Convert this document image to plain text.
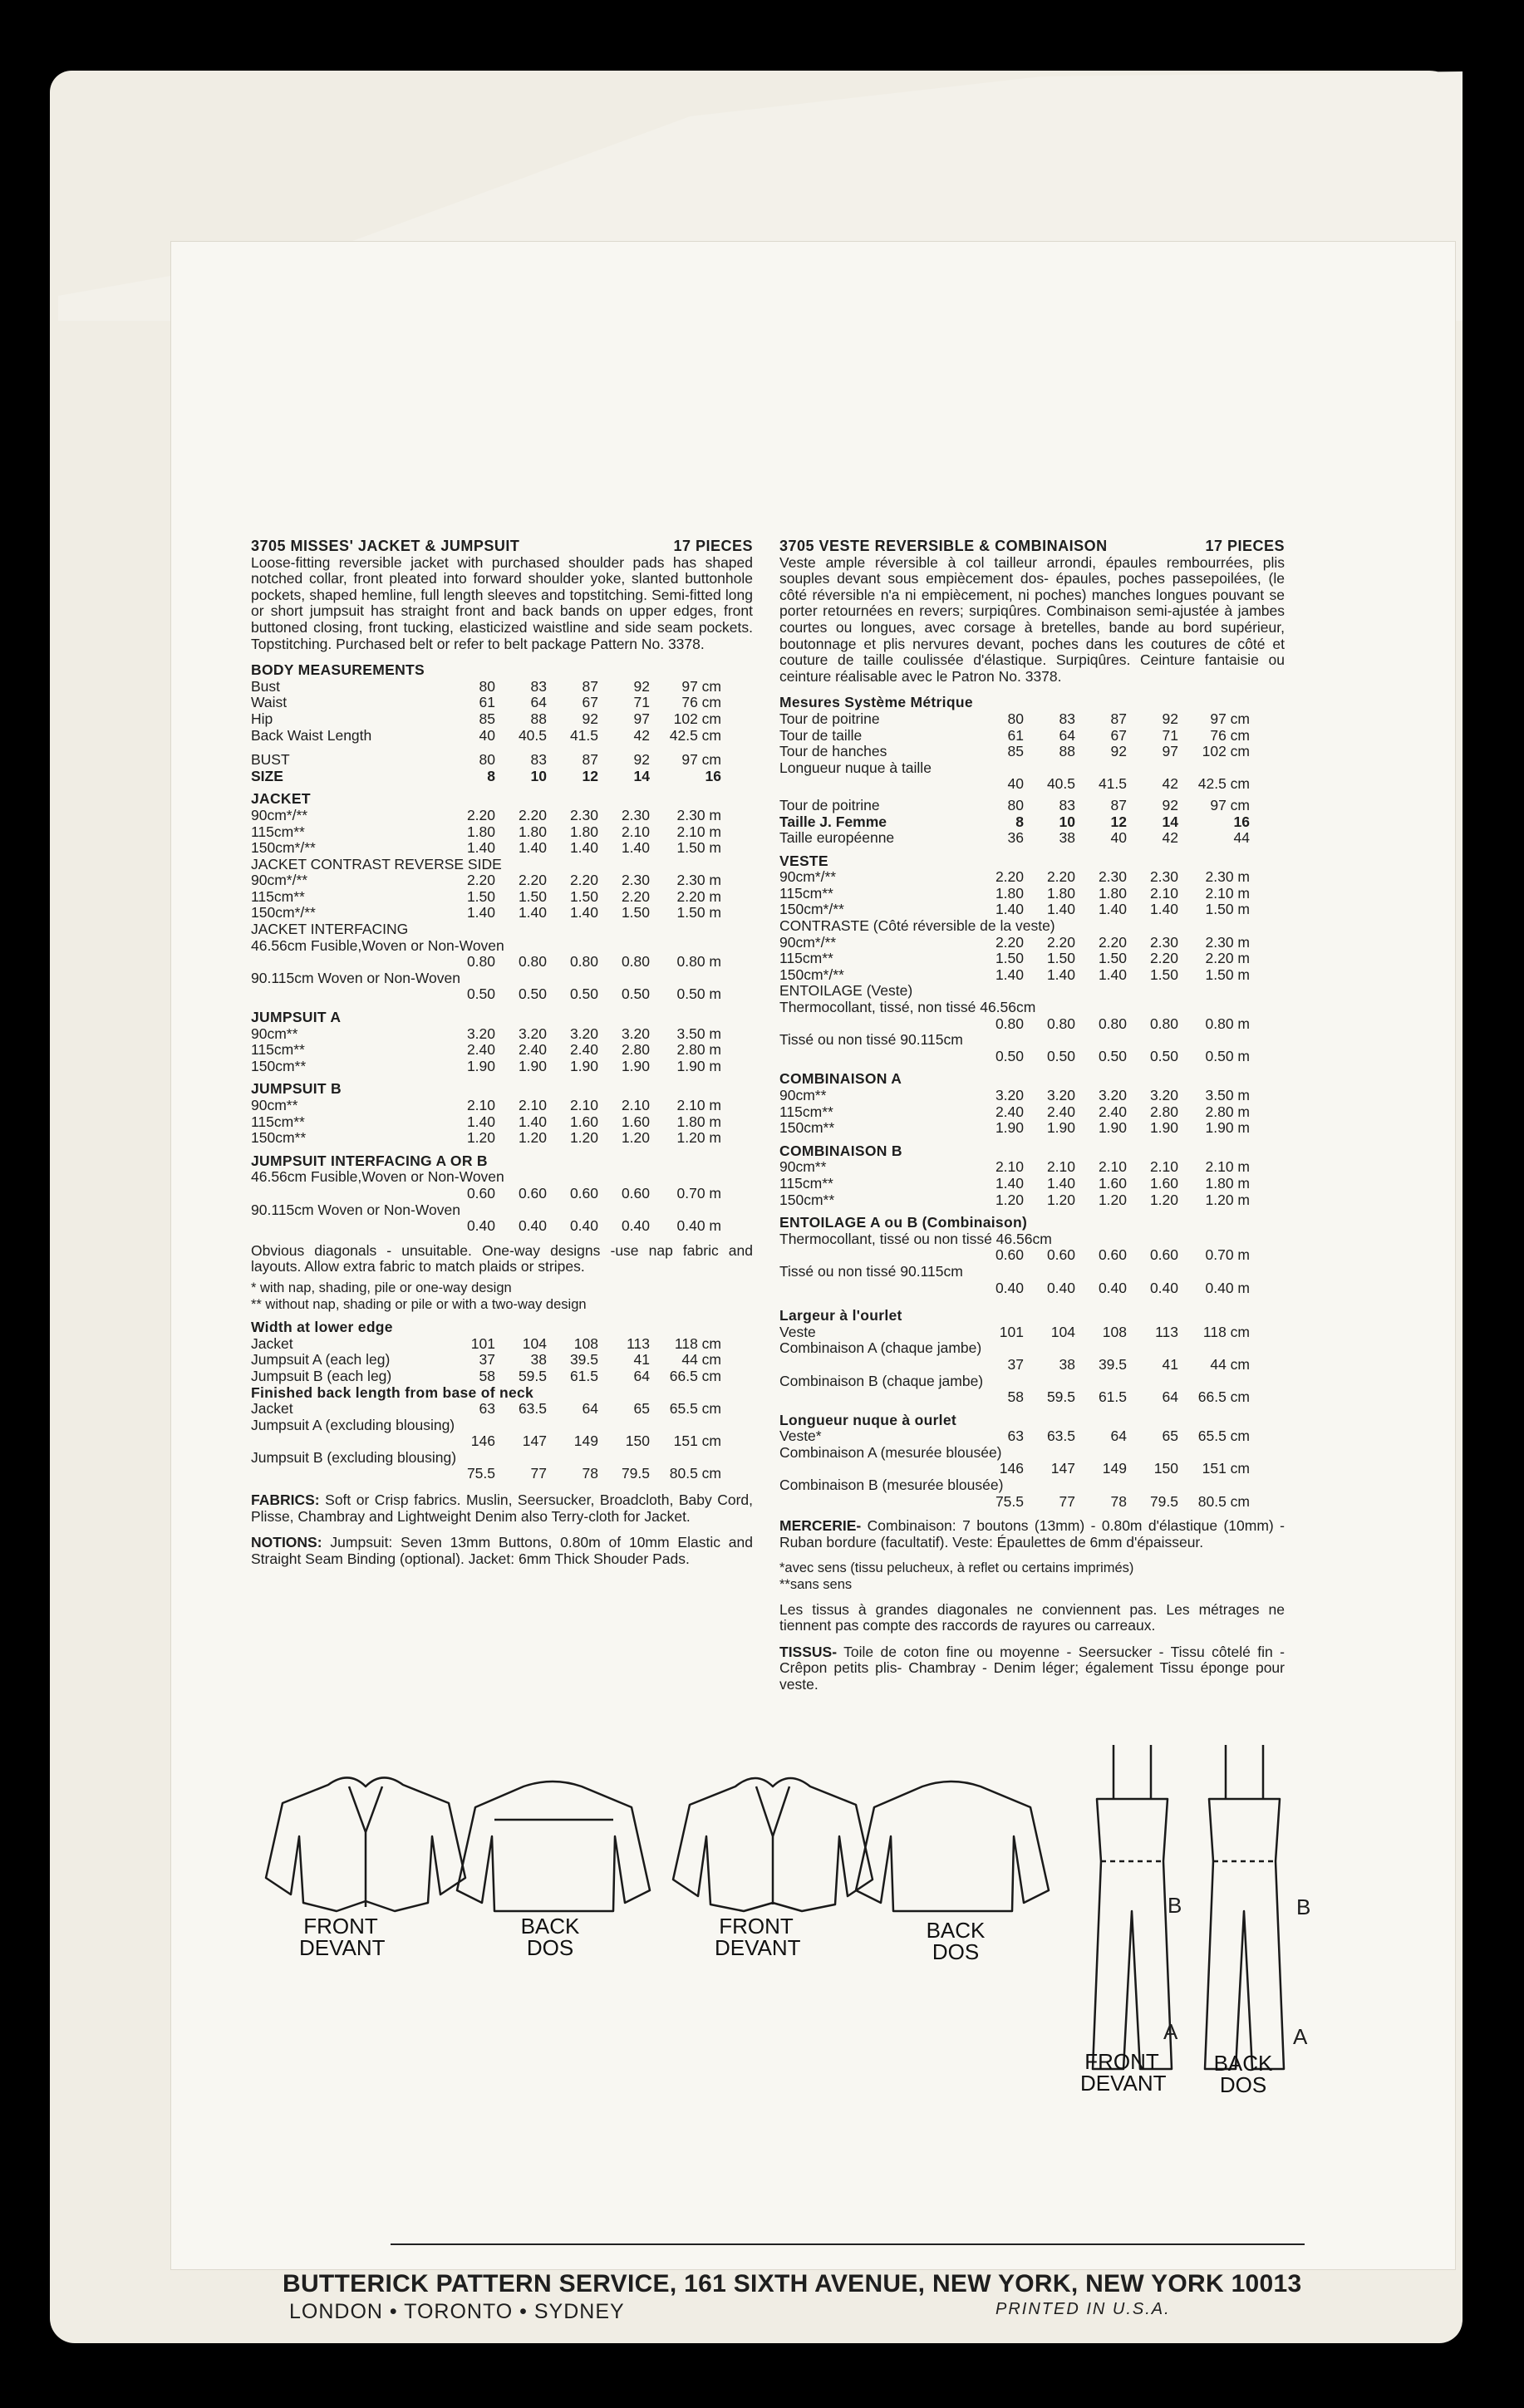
3705 MISSES' JACKET & JUMPSUIT	17 PIECES

Loose-fitting reversible jacket with purchased shoulder pads has shaped notched collar, front pleated into forward shoulder yoke, slanted buttonhole pockets, shaped hemline, full length sleeves and topstitching. Semi-fitted long or short jumpsuit has straight front and back bands on upper edges, front buttoned closing, front tucking, elasticized waistline and side seam pockets. Topstitching. Purchased belt or refer to belt package Pattern No. 3378.

BODY MEASUREMENTS
Bust	80	83	87	92	97 cm
Waist	61	64	67	71	76 cm
Hip	85	88	92	97	102 cm
Back Waist Length	40	40.5	41.5	42	42.5 cm
BUST	80	83	87	92	97 cm
SIZE	8	10	12	14	16
JACKET
90cm*/**	2.20	2.20	2.30	2.30	2.30 m
115cm**	1.80	1.80	1.80	2.10	2.10 m
150cm*/**	1.40	1.40	1.40	1.40	1.50 m
JACKET CONTRAST REVERSE SIDE
90cm*/**	2.20	2.20	2.20	2.30	2.30 m
115cm**	1.50	1.50	1.50	2.20	2.20 m
150cm*/**	1.40	1.40	1.40	1.50	1.50 m
JACKET INTERFACING
46.56cm Fusible,Woven or Non-Woven
0.80	0.80	0.80	0.80	0.80 m
90.115cm Woven or Non-Woven
0.50	0.50	0.50	0.50	0.50 m
JUMPSUIT A
90cm**	3.20	3.20	3.20	3.20	3.50 m
115cm**	2.40	2.40	2.40	2.80	2.80 m
150cm**	1.90	1.90	1.90	1.90	1.90 m
JUMPSUIT B
90cm**	2.10	2.10	2.10	2.10	2.10 m
115cm**	1.40	1.40	1.60	1.60	1.80 m
150cm**	1.20	1.20	1.20	1.20	1.20 m
JUMPSUIT INTERFACING A OR B
46.56cm Fusible,Woven or Non-Woven
0.60	0.60	0.60	0.60	0.70 m
90.115cm Woven or Non-Woven
0.40	0.40	0.40	0.40	0.40 m

Obvious diagonals - unsuitable. One-way designs -use nap fabric and layouts. Allow extra fabric to match plaids or stripes.

* with nap, shading, pile or one-way design
** without nap, shading or pile or with a two-way design
Width at lower edge
Jacket	101	104	108	113	118 cm
Jumpsuit A (each leg)	37	38	39.5	41	44 cm
Jumpsuit B (each leg)	58	59.5	61.5	64	66.5 cm
Finished back length from base of neck
Jacket	63	63.5	64	65	65.5 cm
Jumpsuit A (excluding blousing)
146	147	149	150	151 cm
Jumpsuit B (excluding blousing)
75.5	77	78	79.5	80.5 cm

FABRICS: Soft or Crisp fabrics. Muslin, Seersucker, Broadcloth, Baby Cord, Plisse, Chambray and Lightweight Denim also Terry-cloth for Jacket.

NOTIONS: Jumpsuit: Seven 13mm Buttons, 0.80m of 10mm Elastic and Straight Seam Binding (optional). Jacket: 6mm Thick Shouder Pads.

3705 VESTE REVERSIBLE & COMBINAISON	17 PIECES

Veste ample réversible à col tailleur arrondi, épaules rembourrées, plis souples devant sous empiècement dos- épaules, poches passepoilées, (le côté réversible n'a ni empiècement, ni poches) manches longues pouvant se porter retournées en revers; surpiqûres. Combinaison semi-ajustée à jambes courtes ou longues, avec corsage à bretelles, bande au bord supérieur, boutonnage et plis nervures devant, poches dans les coutures de côté et couture de taille coulissée d'élastique. Surpiqûres. Ceinture fantaisie ou ceinture réalisable avec le Patron No. 3378.

Mesures Système Métrique
Tour de poitrine	80	83	87	92	97 cm
Tour de taille	61	64	67	71	76 cm
Tour de hanches	85	88	92	97	102 cm
Longueur nuque à taille
40	40.5	41.5	42	42.5 cm
Tour de poitrine	80	83	87	92	97 cm
Taille J. Femme	8	10	12	14	16
Taille européenne	36	38	40	42	44
VESTE
90cm*/**	2.20	2.20	2.30	2.30	2.30 m
115cm**	1.80	1.80	1.80	2.10	2.10 m
150cm*/**	1.40	1.40	1.40	1.40	1.50 m
CONTRASTE (Côté réversible de la veste)
90cm*/**	2.20	2.20	2.20	2.30	2.30 m
115cm**	1.50	1.50	1.50	2.20	2.20 m
150cm*/**	1.40	1.40	1.40	1.50	1.50 m
ENTOILAGE (Veste)
Thermocollant, tissé, non tissé 46.56cm
0.80	0.80	0.80	0.80	0.80 m
Tissé ou non tissé 90.115cm
0.50	0.50	0.50	0.50	0.50 m
COMBINAISON A
90cm**	3.20	3.20	3.20	3.20	3.50 m
115cm**	2.40	2.40	2.40	2.80	2.80 m
150cm**	1.90	1.90	1.90	1.90	1.90 m
COMBINAISON B
90cm**	2.10	2.10	2.10	2.10	2.10 m
115cm**	1.40	1.40	1.60	1.60	1.80 m
150cm**	1.20	1.20	1.20	1.20	1.20 m
ENTOILAGE A ou B (Combinaison)
Thermocollant, tissé ou non tissé 46.56cm
0.60	0.60	0.60	0.60	0.70 m
Tissé ou non tissé 90.115cm
0.40	0.40	0.40	0.40	0.40 m
Largeur à l'ourlet
Veste	101	104	108	113	118 cm
Combinaison A (chaque jambe)
37	38	39.5	41	44 cm
Combinaison B (chaque jambe)
58	59.5	61.5	64	66.5 cm
Longueur nuque à ourlet
Veste*	63	63.5	64	65	65.5 cm
Combinaison A (mesurée blousée)
146	147	149	150	151 cm
Combinaison B (mesurée blousée)
75.5	77	78	79.5	80.5 cm

MERCERIE- Combinaison: 7 boutons (13mm) - 0.80m d'élastique (10mm) - Ruban bordure (facultatif). Veste: Épaulettes de 6mm d'épaisseur.

*avec sens (tissu pelucheux, à reflet ou certains imprimés)
**sans sens

Les tissus à grandes diagonales ne conviennent pas. Les métrages ne tiennent pas compte des raccords de rayures ou carreaux.

TISSUS- Toile de coton fine ou moyenne - Seersucker - Tissu côtelé fin - Crêpon petits plis- Chambray - Denim léger; également Tissu éponge pour veste.

FRONT
DEVANT
BACK
DOS
FRONT
DEVANT
BACK
DOS
FRONT
DEVANT
BACK
DOS
B
A
B
A
BUTTERICK PATTERN SERVICE, 161 SIXTH AVENUE, NEW YORK, NEW YORK 10013
LONDON • TORONTO • SYDNEY	PRINTED IN U.S.A.
